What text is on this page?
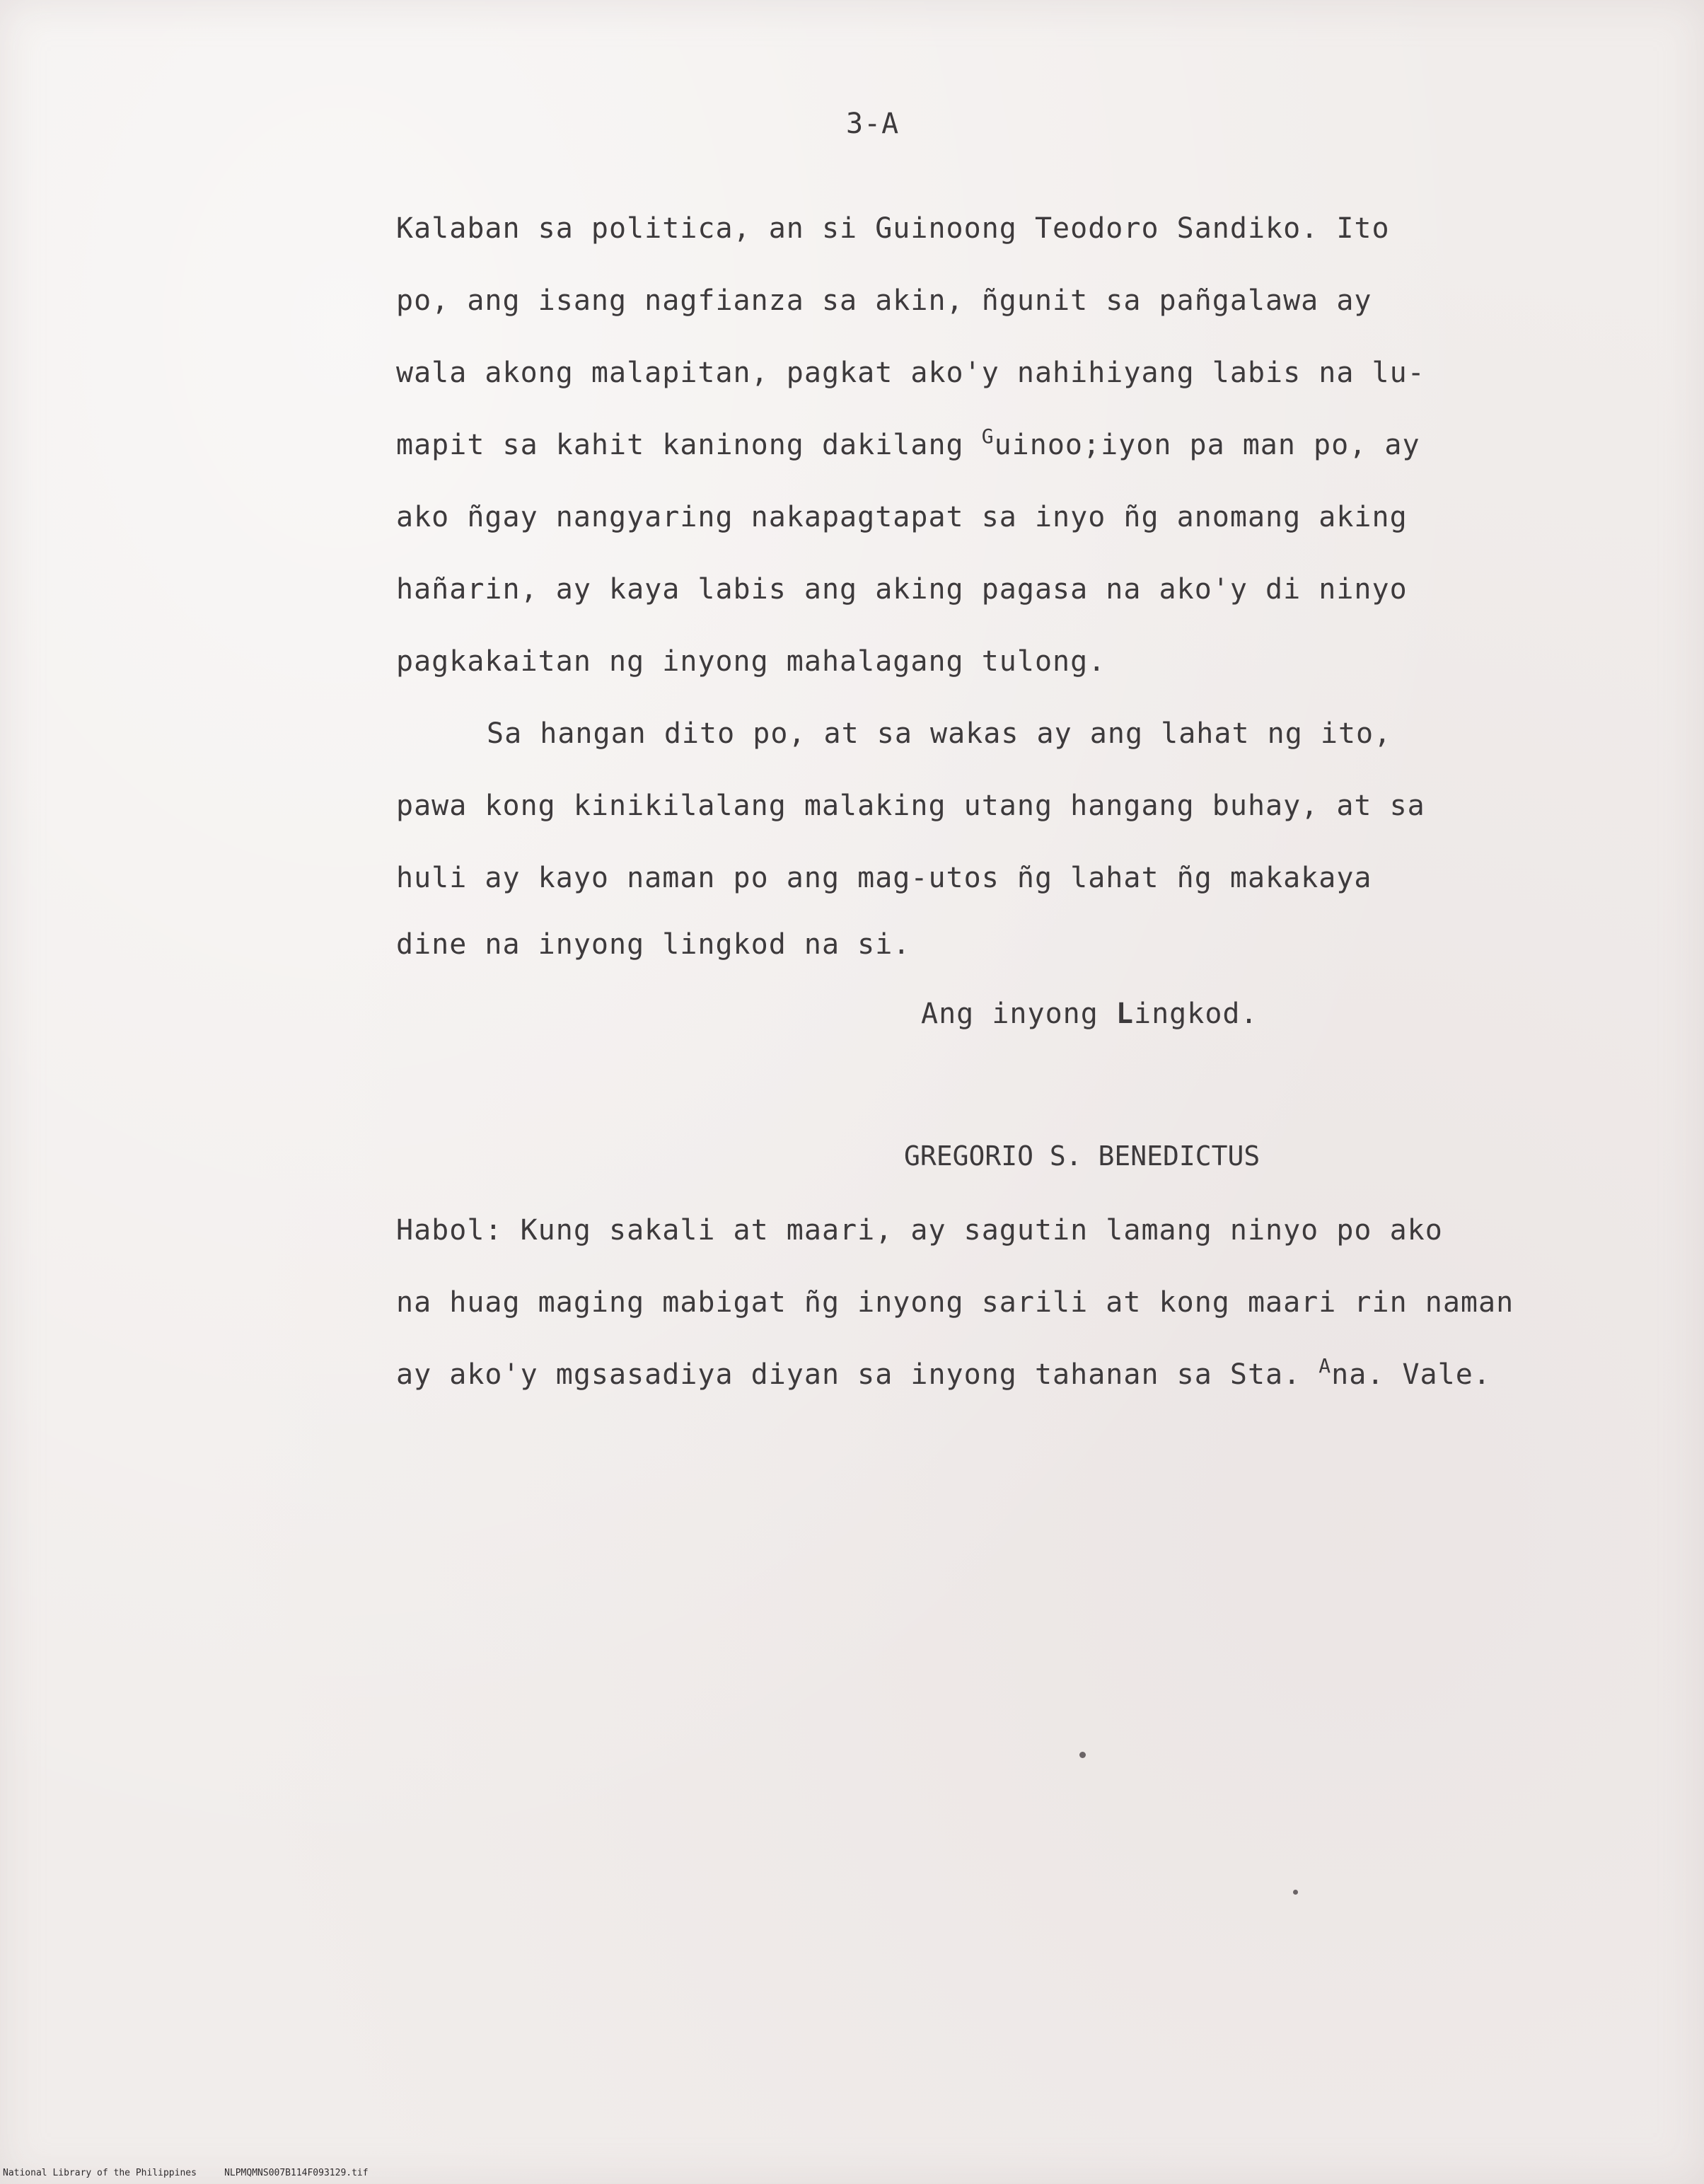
3-A
Kalaban sa politica, an si Guinoong Teodoro Sandiko. Ito
po, ang isang nagfianza sa akin, ñgunit sa pañgalawa ay
wala akong malapitan, pagkat ako'y nahihiyang labis na lu-
mapit sa kahit kaninong dakilang $^G$uinoo;iyon pa man po, ay
ako ñgay nangyaring nakapagtapat sa inyo ñg anomang aking
hañarin, ay kaya labis ang aking pagasa na ako'y di ninyo
pagkakaitan ng inyong mahalagang tulong.
Sa hangan dito po, at sa wakas ay ang lahat ng ito,
pawa kong kinikilalang malaking utang hangang buhay, at sa
huli ay kayo naman po ang mag-utos ñg lahat ñg makakaya
dine na inyong lingkod na si.
Ang inyong Lingkod.
GREGORIO S. BENEDICTUS
Habol: Kung sakali at maari, ay sagutin lamang ninyo po ako
na huag maging mabigat ñg inyong sarili at kong maari rin naman
ay ako'y mgsasadiya diyan sa inyong tahanan sa Sta. $^A$na. Vale.
National Library of the Philippines	NLPMQMNS007B114F093129.tif
